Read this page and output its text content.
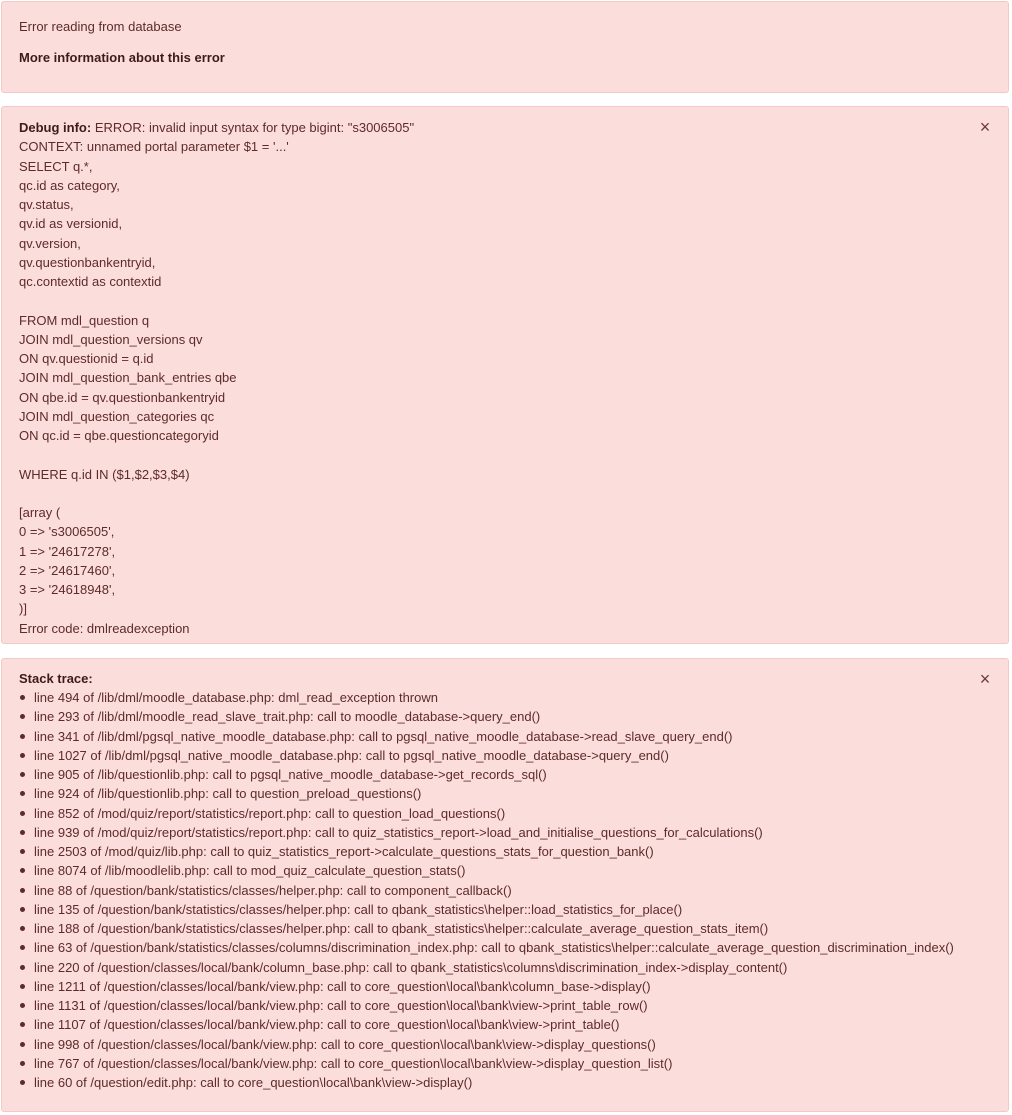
Error reading from database
More information about this error
Debug info: ERROR: invalid input syntax for type bigint: "s3006505"
CONTEXT: unnamed portal parameter $1 = '...'
SELECT q.*,
qc.id as category,
qv.status,
qv.id as versionid,
qv.version,
qv.questionbankentryid,
qc.contextid as contextid
FROM mdl_question q
JOIN mdl_question_versions qv
ON qv.questionid = q.id
JOIN mdl_question_bank_entries qbe
ON qbe.id = qv.questionbankentryid
JOIN mdl_question_categories qc
ON qc.id = qbe.questioncategoryid
WHERE q.id IN ($1,$2,$3,$4)
[array (
0 => 's3006505',
1 => '24617278',
2 => '24617460',
3 => '24618948',
)]
Error code: dmlreadexception
×
Stack trace:
line 494 of /lib/dml/moodle_database.php: dml_read_exception thrown
line 293 of /lib/dml/moodle_read_slave_trait.php: call to moodle_database->query_end()
line 341 of /lib/dml/pgsql_native_moodle_database.php: call to pgsql_native_moodle_database->read_slave_query_end()
line 1027 of /lib/dml/pgsql_native_moodle_database.php: call to pgsql_native_moodle_database->query_end()
line 905 of /lib/questionlib.php: call to pgsql_native_moodle_database->get_records_sql()
line 924 of /lib/questionlib.php: call to question_preload_questions()
line 852 of /mod/quiz/report/statistics/report.php: call to question_load_questions()
line 939 of /mod/quiz/report/statistics/report.php: call to quiz_statistics_report->load_and_initialise_questions_for_calculations()
line 2503 of /mod/quiz/lib.php: call to quiz_statistics_report->calculate_questions_stats_for_question_bank()
line 8074 of /lib/moodlelib.php: call to mod_quiz_calculate_question_stats()
line 88 of /question/bank/statistics/classes/helper.php: call to component_callback()
line 135 of /question/bank/statistics/classes/helper.php: call to qbank_statistics\helper::load_statistics_for_place()
line 188 of /question/bank/statistics/classes/helper.php: call to qbank_statistics\helper::calculate_average_question_stats_item()
line 63 of /question/bank/statistics/classes/columns/discrimination_index.php: call to qbank_statistics\helper::calculate_average_question_discrimination_index()
line 220 of /question/classes/local/bank/column_base.php: call to qbank_statistics\columns\discrimination_index->display_content()
line 1211 of /question/classes/local/bank/view.php: call to core_question\local\bank\column_base->display()
line 1131 of /question/classes/local/bank/view.php: call to core_question\local\bank\view->print_table_row()
line 1107 of /question/classes/local/bank/view.php: call to core_question\local\bank\view->print_table()
line 998 of /question/classes/local/bank/view.php: call to core_question\local\bank\view->display_questions()
line 767 of /question/classes/local/bank/view.php: call to core_question\local\bank\view->display_question_list()
line 60 of /question/edit.php: call to core_question\local\bank\view->display()
×
